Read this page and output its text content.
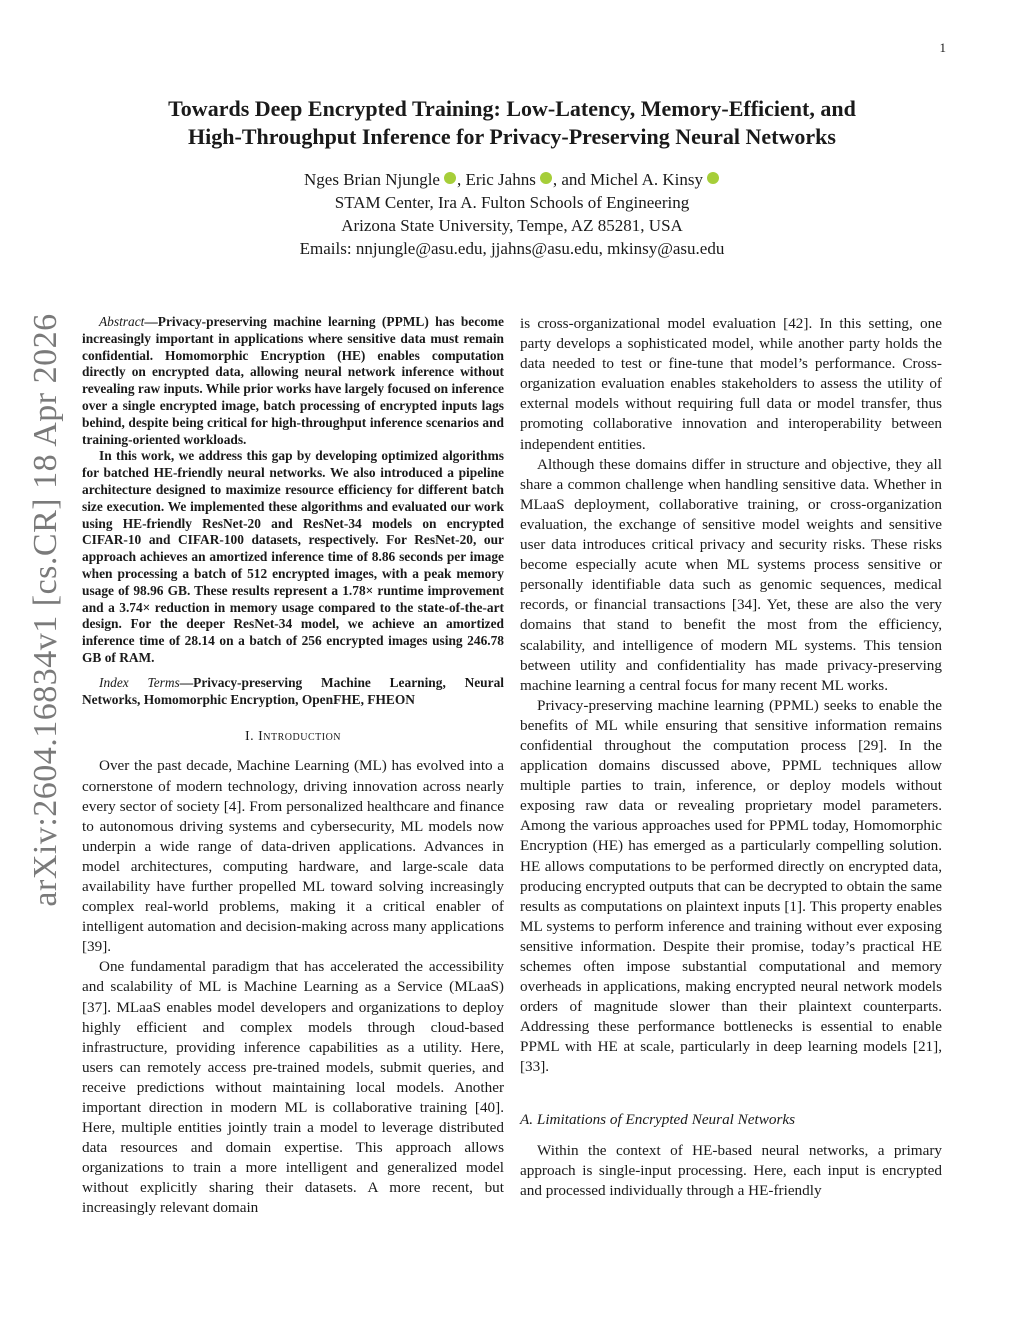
1
arXiv:2604.16834v1 [cs.CR] 18 Apr 2026
Towards Deep Encrypted Training: Low-Latency, Memory-Efficient, and
High-Throughput Inference for Privacy-Preserving Neural Networks
Nges Brian Njungle , Eric Jahns , and Michel A. Kinsy
STAM Center, Ira A. Fulton Schools of Engineering
Arizona State University, Tempe, AZ 85281, USA
Emails: nnjungle@asu.edu, jjahns@asu.edu, mkinsy@asu.edu

Abstract—Privacy-preserving machine learning (PPML) has become increasingly important in applications where sensitive data must remain confidential. Homomorphic Encryption (HE) enables computation directly on encrypted data, allowing neural network inference without revealing raw inputs. While prior works have largely focused on inference over a single encrypted image, batch processing of encrypted inputs lags behind, despite being critical for high-throughput inference scenarios and training-oriented workloads.

In this work, we address this gap by developing optimized algorithms for batched HE-friendly neural networks. We also introduced a pipeline architecture designed to maximize resource efficiency for different batch size execution. We implemented these algorithms and evaluated our work using HE-friendly ResNet-20 and ResNet-34 models on encrypted CIFAR-10 and CIFAR-100 datasets, respectively. For ResNet-20, our approach achieves an amortized inference time of 8.86 seconds per image when processing a batch of 512 encrypted images, with a peak memory usage of 98.96 GB. These results represent a 1.78× runtime improvement and a 3.74× reduction in memory usage compared to the state-of-the-art design. For the deeper ResNet-34 model, we achieve an amortized inference time of 28.14 on a batch of 256 encrypted images using 246.78 GB of RAM.

Index Terms—Privacy-preserving Machine Learning, Neural Networks, Homomorphic Encryption, OpenFHE, FHEON

I. Introduction

Over the past decade, Machine Learning (ML) has evolved into a cornerstone of modern technology, driving innovation across nearly every sector of society [4]. From personalized healthcare and finance to autonomous driving systems and cybersecurity, ML models now underpin a wide range of data-driven applications. Advances in model architectures, computing hardware, and large-scale data availability have further propelled ML toward solving increasingly complex real-world problems, making it a critical enabler of intelligent automation and decision-making across many applications [39].

One fundamental paradigm that has accelerated the accessibility and scalability of ML is Machine Learning as a Service (MLaaS) [37]. MLaaS enables model developers and organizations to deploy highly efficient and complex models through cloud-based infrastructure, providing inference capabilities as a utility. Here, users can remotely access pre-trained models, submit queries, and receive predictions without maintaining local models. Another important direction in modern ML is collaborative training [40]. Here, multiple entities jointly train a model to leverage distributed data resources and domain expertise. This approach allows organizations to train a more intelligent and generalized model without explicitly sharing their datasets. A more recent, but increasingly relevant domain

is cross-organizational model evaluation [42]. In this setting, one party develops a sophisticated model, while another party holds the data needed to test or fine-tune that model’s performance. Cross-organization evaluation enables stakeholders to assess the utility of external models without requiring full data or model transfer, thus promoting collaborative innovation and interoperability between independent entities.

Although these domains differ in structure and objective, they all share a common challenge when handling sensitive data. Whether in MLaaS deployment, collaborative training, or cross-organization evaluation, the exchange of sensitive model weights and sensitive user data introduces critical privacy and security risks. These risks become especially acute when ML systems process sensitive or personally identifiable data such as genomic sequences, medical records, or financial transactions [34]. Yet, these are also the very domains that stand to benefit the most from the efficiency, scalability, and intelligence of modern ML systems. This tension between utility and confidentiality has made privacy-preserving machine learning a central focus for many recent ML works.

Privacy-preserving machine learning (PPML) seeks to enable the benefits of ML while ensuring that sensitive information remains confidential throughout the computation process [29]. In the application domains discussed above, PPML techniques allow multiple parties to train, inference, or deploy models without exposing raw data or revealing proprietary model parameters. Among the various approaches used for PPML today, Homomorphic Encryption (HE) has emerged as a particularly compelling solution. HE allows computations to be performed directly on encrypted data, producing encrypted outputs that can be decrypted to obtain the same results as computations on plaintext inputs [1]. This property enables ML systems to perform inference and training without ever exposing sensitive information. Despite their promise, today’s practical HE schemes often impose substantial computational and memory overheads in applications, making encrypted neural network models orders of magnitude slower than their plaintext counterparts. Addressing these performance bottlenecks is essential to enable PPML with HE at scale, particularly in deep learning models [21], [33].

A. Limitations of Encrypted Neural Networks

Within the context of HE-based neural networks, a primary approach is single-input processing. Here, each input is encrypted and processed individually through a HE-friendly
